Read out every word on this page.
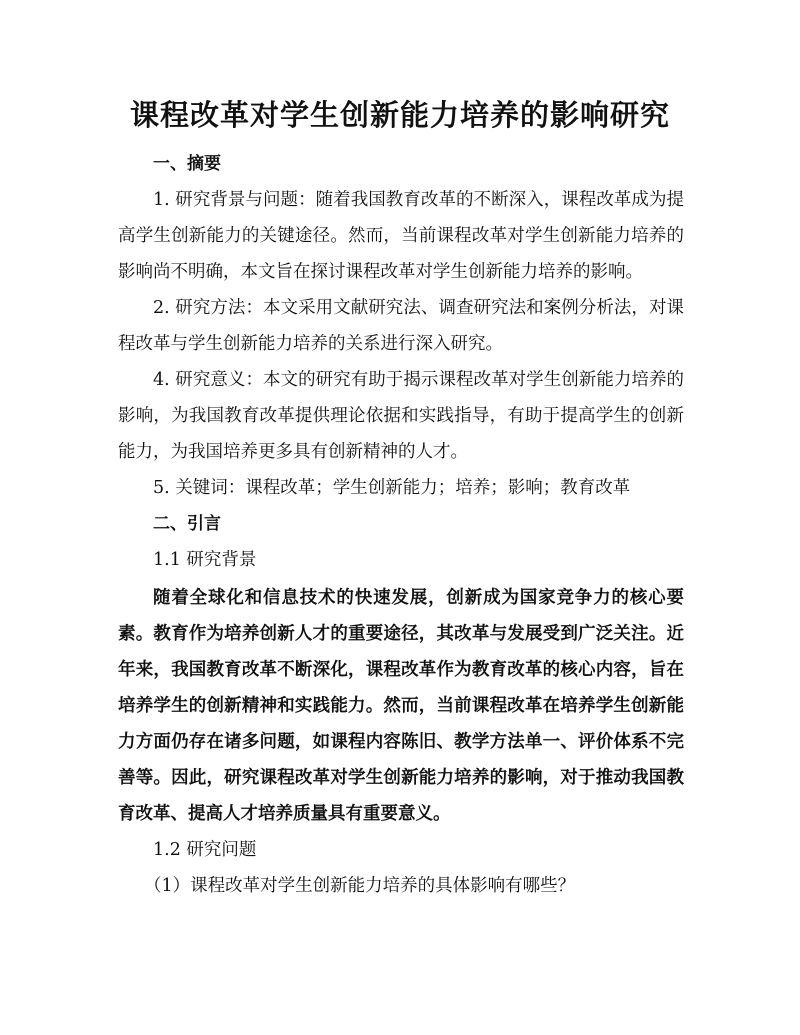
课程改革对学生创新能力培养的影响研究

一、摘要

1. 研究背景与问题：随着我国教育改革的不断深入，课程改革成为提高学生创新能力的关键途径。然而，当前课程改革对学生创新能力培养的影响尚不明确，本文旨在探讨课程改革对学生创新能力培养的影响。

2. 研究方法：本文采用文献研究法、调查研究法和案例分析法，对课程改革与学生创新能力培养的关系进行深入研究。

4. 研究意义：本文的研究有助于揭示课程改革对学生创新能力培养的影响，为我国教育改革提供理论依据和实践指导，有助于提高学生的创新能力，为我国培养更多具有创新精神的人才。

5. 关键词：课程改革；学生创新能力；培养；影响；教育改革

二、引言

1.1 研究背景

随着全球化和信息技术的快速发展，创新成为国家竞争力的核心要素。教育作为培养创新人才的重要途径，其改革与发展受到广泛关注。近年来，我国教育改革不断深化，课程改革作为教育改革的核心内容，旨在培养学生的创新精神和实践能力。然而，当前课程改革在培养学生创新能力方面仍存在诸多问题，如课程内容陈旧、教学方法单一、评价体系不完善等。因此，研究课程改革对学生创新能力培养的影响，对于推动我国教育改革、提高人才培养质量具有重要意义。

1.2 研究问题

（1）课程改革对学生创新能力培养的具体影响有哪些？
